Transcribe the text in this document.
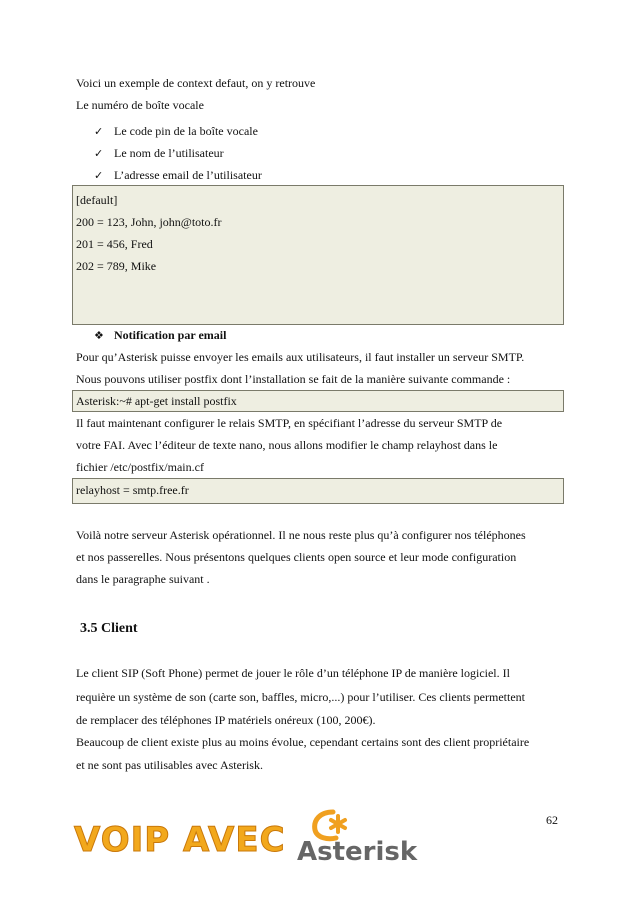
Voici un exemple de context defaut, on y retrouve
Le numéro de boîte vocale
✓ Le code pin de la boîte vocale
✓ Le nom de l’utilisateur
✓ L’adresse email de l’utilisateur
[default]
200 = 123, John, john@toto.fr
201 = 456, Fred
202 = 789, Mike
❖ Notification par email
Pour qu’Asterisk puisse envoyer les emails aux utilisateurs, il faut installer un serveur SMTP.
Nous pouvons utiliser postfix dont l’installation se fait de la manière suivante commande :
Asterisk:~# apt-get install postfix
Il faut maintenant configurer le relais SMTP, en spécifiant l’adresse du serveur SMTP de
votre FAI. Avec l’éditeur de texte nano, nous allons modifier le champ relayhost dans le
fichier /etc/postfix/main.cf
relayhost = smtp.free.fr
Voilà notre serveur Asterisk opérationnel. Il ne nous reste plus qu’à configurer nos téléphones
et nos passerelles. Nous présentons quelques clients open source et leur mode configuration
dans le paragraphe suivant .
3.5 Client
Le client SIP (Soft Phone) permet de jouer le rôle d’un téléphone IP de manière logiciel. Il
requière un système de son (carte son, baffles, micro,...) pour l’utiliser. Ces clients permettent
de remplacer des téléphones IP matériels onéreux (100, 200€).
Beaucoup de client existe plus au moins évolue, cependant certains sont des client propriétaire
et ne sont pas utilisables avec Asterisk.
62
VOIP AVEC Asterisk
